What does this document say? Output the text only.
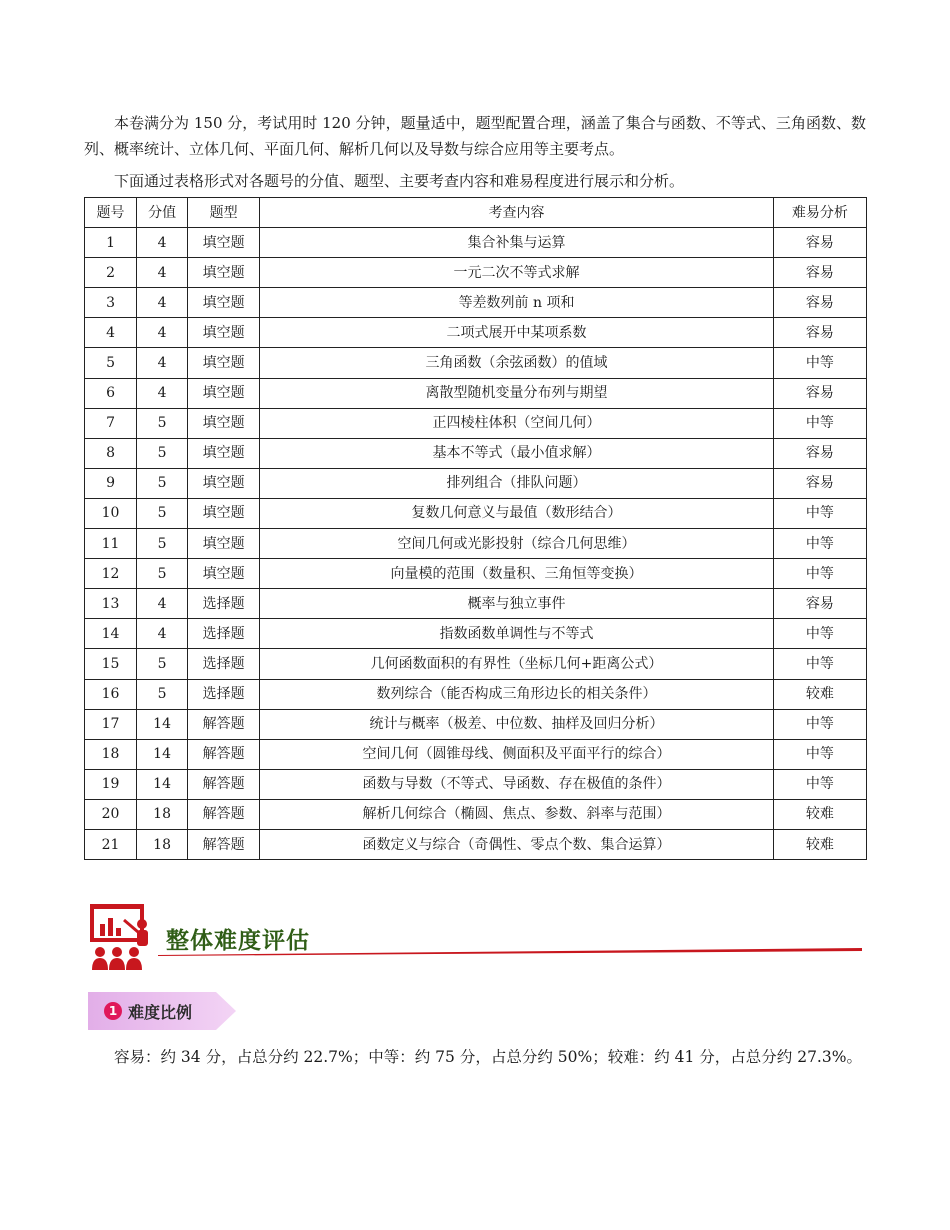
本卷满分为 150 分，考试用时 120 分钟，题量适中，题型配置合理，涵盖了集合与函数、不等式、三角函数、数列、概率统计、立体几何、平面几何、解析几何以及导数与综合应用等主要考点。

下面通过表格形式对各题号的分值、题型、主要考查内容和难易程度进行展示和分析。

题号	分值	题型	考查内容	难易分析
1	4	填空题	集合补集与运算	容易
2	4	填空题	一元二次不等式求解	容易
3	4	填空题	等差数列前 n 项和	容易
4	4	填空题	二项式展开中某项系数	容易
5	4	填空题	三角函数（余弦函数）的值域	中等
6	4	填空题	离散型随机变量分布列与期望	容易
7	5	填空题	正四棱柱体积（空间几何）	中等
8	5	填空题	基本不等式（最小值求解）	容易
9	5	填空题	排列组合（排队问题）	容易
10	5	填空题	复数几何意义与最值（数形结合）	中等
11	5	填空题	空间几何或光影投射（综合几何思维）	中等
12	5	填空题	向量模的范围（数量积、三角恒等变换）	中等
13	4	选择题	概率与独立事件	容易
14	4	选择题	指数函数单调性与不等式	中等
15	5	选择题	几何函数面积的有界性（坐标几何+距离公式）	中等
16	5	选择题	数列综合（能否构成三角形边长的相关条件）	较难
17	14	解答题	统计与概率（极差、中位数、抽样及回归分析）	中等
18	14	解答题	空间几何（圆锥母线、侧面积及平面平行的综合）	中等
19	14	解答题	函数与导数（不等式、导函数、存在极值的条件）	中等
20	18	解答题	解析几何综合（椭圆、焦点、参数、斜率与范围）	较难
21	18	解答题	函数定义与综合（奇偶性、零点个数、集合运算）	较难
整体难度评估
1 难度比例

容易：约 34 分，占总分约 22.7%；中等：约 75 分，占总分约 50%；较难：约 41 分，占总分约 27.3%。
